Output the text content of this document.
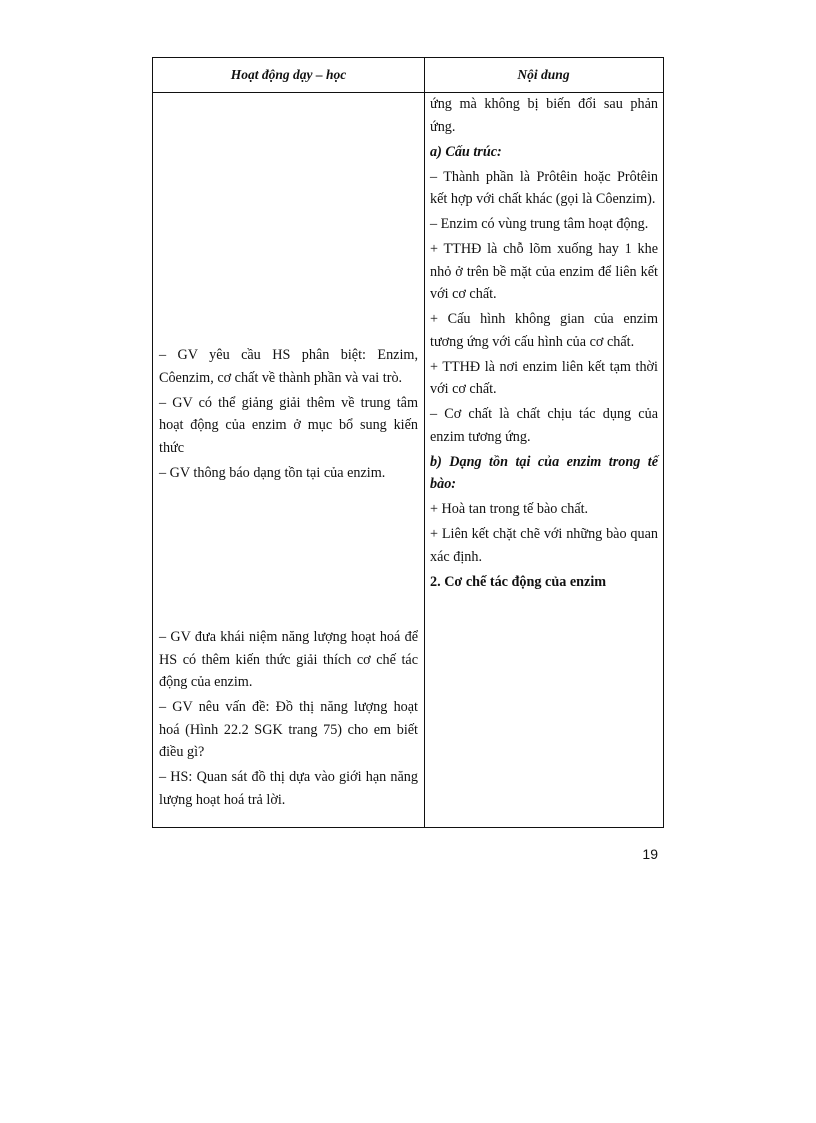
Hoạt động dạy – học	Nội dung

– GV yêu cầu HS phân biệt: Enzim, Côenzim, cơ chất về thành phần và vai trò.

– GV có thể giảng giải thêm về trung tâm hoạt động của enzim ở mục bổ sung kiến thức

– GV thông báo dạng tồn tại của enzim.

– GV đưa khái niệm năng lượng hoạt hoá để HS có thêm kiến thức giải thích cơ chế tác động của enzim.

– GV nêu vấn đề: Đồ thị năng lượng hoạt hoá (Hình 22.2 SGK trang 75) cho em biết điều gì?

– HS: Quan sát đồ thị dựa vào giới hạn năng lượng hoạt hoá trả lời.

ứng mà không bị biến đổi sau phản ứng.

a) Cấu trúc:

– Thành phần là Prôtêin hoặc Prôtêin kết hợp với chất khác (gọi là Côenzim).

– Enzim có vùng trung tâm hoạt động.

+ TTHĐ là chỗ lõm xuống hay 1 khe nhỏ ở trên bề mặt của enzim để liên kết với cơ chất.

+ Cấu hình không gian của enzim tương ứng với cấu hình của cơ chất.

+ TTHĐ là nơi enzim liên kết tạm thời với cơ chất.

– Cơ chất là chất chịu tác dụng của enzim tương ứng.

b) Dạng tồn tại của enzim trong tế bào:

+ Hoà tan trong tế bào chất.

+ Liên kết chặt chẽ với những bào quan xác định.

2. Cơ chế tác động của enzim

19
